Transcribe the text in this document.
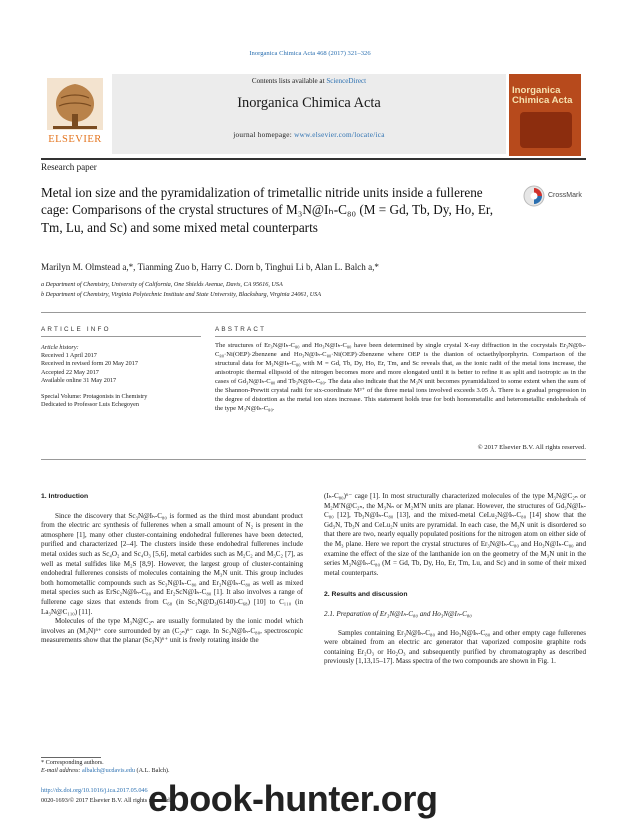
Inorganica Chimica Acta 468 (2017) 321–326
ELSEVIER
Contents lists available at ScienceDirect
Inorganica Chimica Acta
journal homepage: www.elsevier.com/locate/ica
Inorganica Chimica Acta
Research paper
Metal ion size and the pyramidalization of trimetallic nitride units inside a fullerene cage: Comparisons of the crystal structures of M₃N@Iₕ-C₈₀ (M = Gd, Tb, Dy, Ho, Er, Tm, Lu, and Sc) and some mixed metal counterparts
CrossMark
Marilyn M. Olmstead a,*, Tianming Zuo b, Harry C. Dorn b, Tinghui Li b, Alan L. Balch a,*
a Department of Chemistry, University of California, One Shields Avenue, Davis, CA 95616, USA
b Department of Chemistry, Virginia Polytechnic Institute and State University, Blacksburg, Virginia 24061, USA
ARTICLE INFO	ABSTRACT
Article history:
Received 1 April 2017
Received in revised form 20 May 2017
Accepted 22 May 2017
Available online 31 May 2017
Special Volume: Protagonists in Chemistry
Dedicated to Professor Luis Echegoyen
The structures of Er₃N@Iₕ-C₈₀ and Ho₃N@Iₕ-C₈₀ have been determined by single crystal X-ray diffraction in the cocrystals Er₃N@Iₕ-C₈₀·Ni(OEP)·2benzene and Ho₃N@Iₕ-C₈₀·Ni(OEP)·2benzene where OEP is the dianion of octaethylporphyrin. Comparison of the structural data for M₃N@Iₕ-C₈₀ with M = Gd, Tb, Dy, Ho, Er, Tm, and Sc reveals that, as the ionic radii of the metal ions increase, the anisotropic thermal ellipsoid of the nitrogen becomes more and more elongated until it is better to refine it as split and isotropic as in the cases of Gd₃N@Iₕ-C₈₀ and Tb₃N@Iₕ-C₈₀. The data also indicate that the M₃N unit becomes pyramidalized to some extent when the sum of the Shannon-Prewitt crystal radii for six-coordinate M³⁺ of the three metal ions involved exceeds 3.05 Å. There is a gradual progression in the degree of distortion as the metal ion sizes increase. This statement holds true for both homometallic and heterometallic endohedrals of the type M₃N@Iₕ-C₈₀.
© 2017 Elsevier B.V. All rights reserved.
1. Introduction

Since the discovery that Sc₃N@Iₕ-C₈₀ is formed as the third most abundant product from the electric arc synthesis of fullerenes when a small amount of N₂ is present in the atmosphere [1], many other cluster-containing endohedral fullerenes have been detected, purified and characterized [2–4]. The clusters inside these endohedral fullerenes include metal oxides such as Sc₄O₂ and Sc₄O₃ [5,6], metal carbides such as M₂C₂ and M₃C₂ [7], as well as metal sulfides like M₂S [8,9]. However, the largest group of cluster-containing endohedral fullerenes consists of molecules containing the M₃N unit. This group includes both homometallic compounds such as Sc₃N@Iₕ-C₈₀ and Er₃N@Iₕ-C₈₀ as well as mixed metal species such as ErSc₂N@Iₕ-C₈₀ and Er₂ScN@Iₕ-C₈₀ [1]. It also involves a range of fullerene cage sizes that extends from C₆₈ (in Sc₃N@D₃(6140)-C₆₈) [10] to C₁₁₀ (in La₃N@C₁₁₀) [11].

Molecules of the type M₃N@C₂ₙ are usually formulated by the ionic model which involves an (M₃N)⁶⁺ core surrounded by an (C₂ₙ)⁶⁻ cage. In Sc₃N@Iₕ-C₈₀, spectroscopic measurements show that the planar (Sc₃N)⁶⁺ unit is freely rotating inside the

(Iₕ-C₈₀)⁶⁻ cage [1]. In most structurally characterized molecules of the type M₃N@C₂ₙ or M₂M′N@C₂ₙ, the M₃Nₙ or M₂M′N units are planar. However, the structures of Gd₃N@Iₕ-C₈₀ [12], Tb₃N@Iₕ-C₈₀ [13], and the mixed-metal CeLu₂N@Iₕ-C₈₀ [14] show that the Gd₃N, Tb₃N and CeLu₂N units are pyramidal. In each case, the M₃N unit is disordered so that there are two, nearly equally populated positions for the nitrogen atom on either side of the M₃ plane. Here we report the crystal structures of Er₃N@Iₕ-C₈₀ and Ho₃N@Iₕ-C₈₀ and examine the effect of the size of the lanthanide ion on the geometry of the M₃N unit in the series M₃N@Iₕ-C₈₀ (M = Gd, Tb, Dy, Ho, Er, Tm, Lu, and Sc) and in some of their mixed metal counterparts.

2. Results and discussion
2.1. Preparation of Er₃N@Iₕ-C₈₀ and Ho₃N@Iₕ-C₈₀

Samples containing Er₃N@Iₕ-C₈₀ and Ho₃N@Iₕ-C₈₀ and other empty cage fullerenes were obtained from an electric arc generator that vaporized composite graphite rods containing Er₂O₃ or Ho₂O₃ and subsequently purified by chromatography as described previously [1,13,15–17]. Mass spectra of the two compounds are shown in Fig. 1.

* Corresponding authors.
E-mail address: albalch@ucdavis.edu (A.L. Balch).
http://dx.doi.org/10.1016/j.ica.2017.05.046
0020-1693/© 2017 Elsevier B.V. All rights reserved.
ebook-hunter.org
